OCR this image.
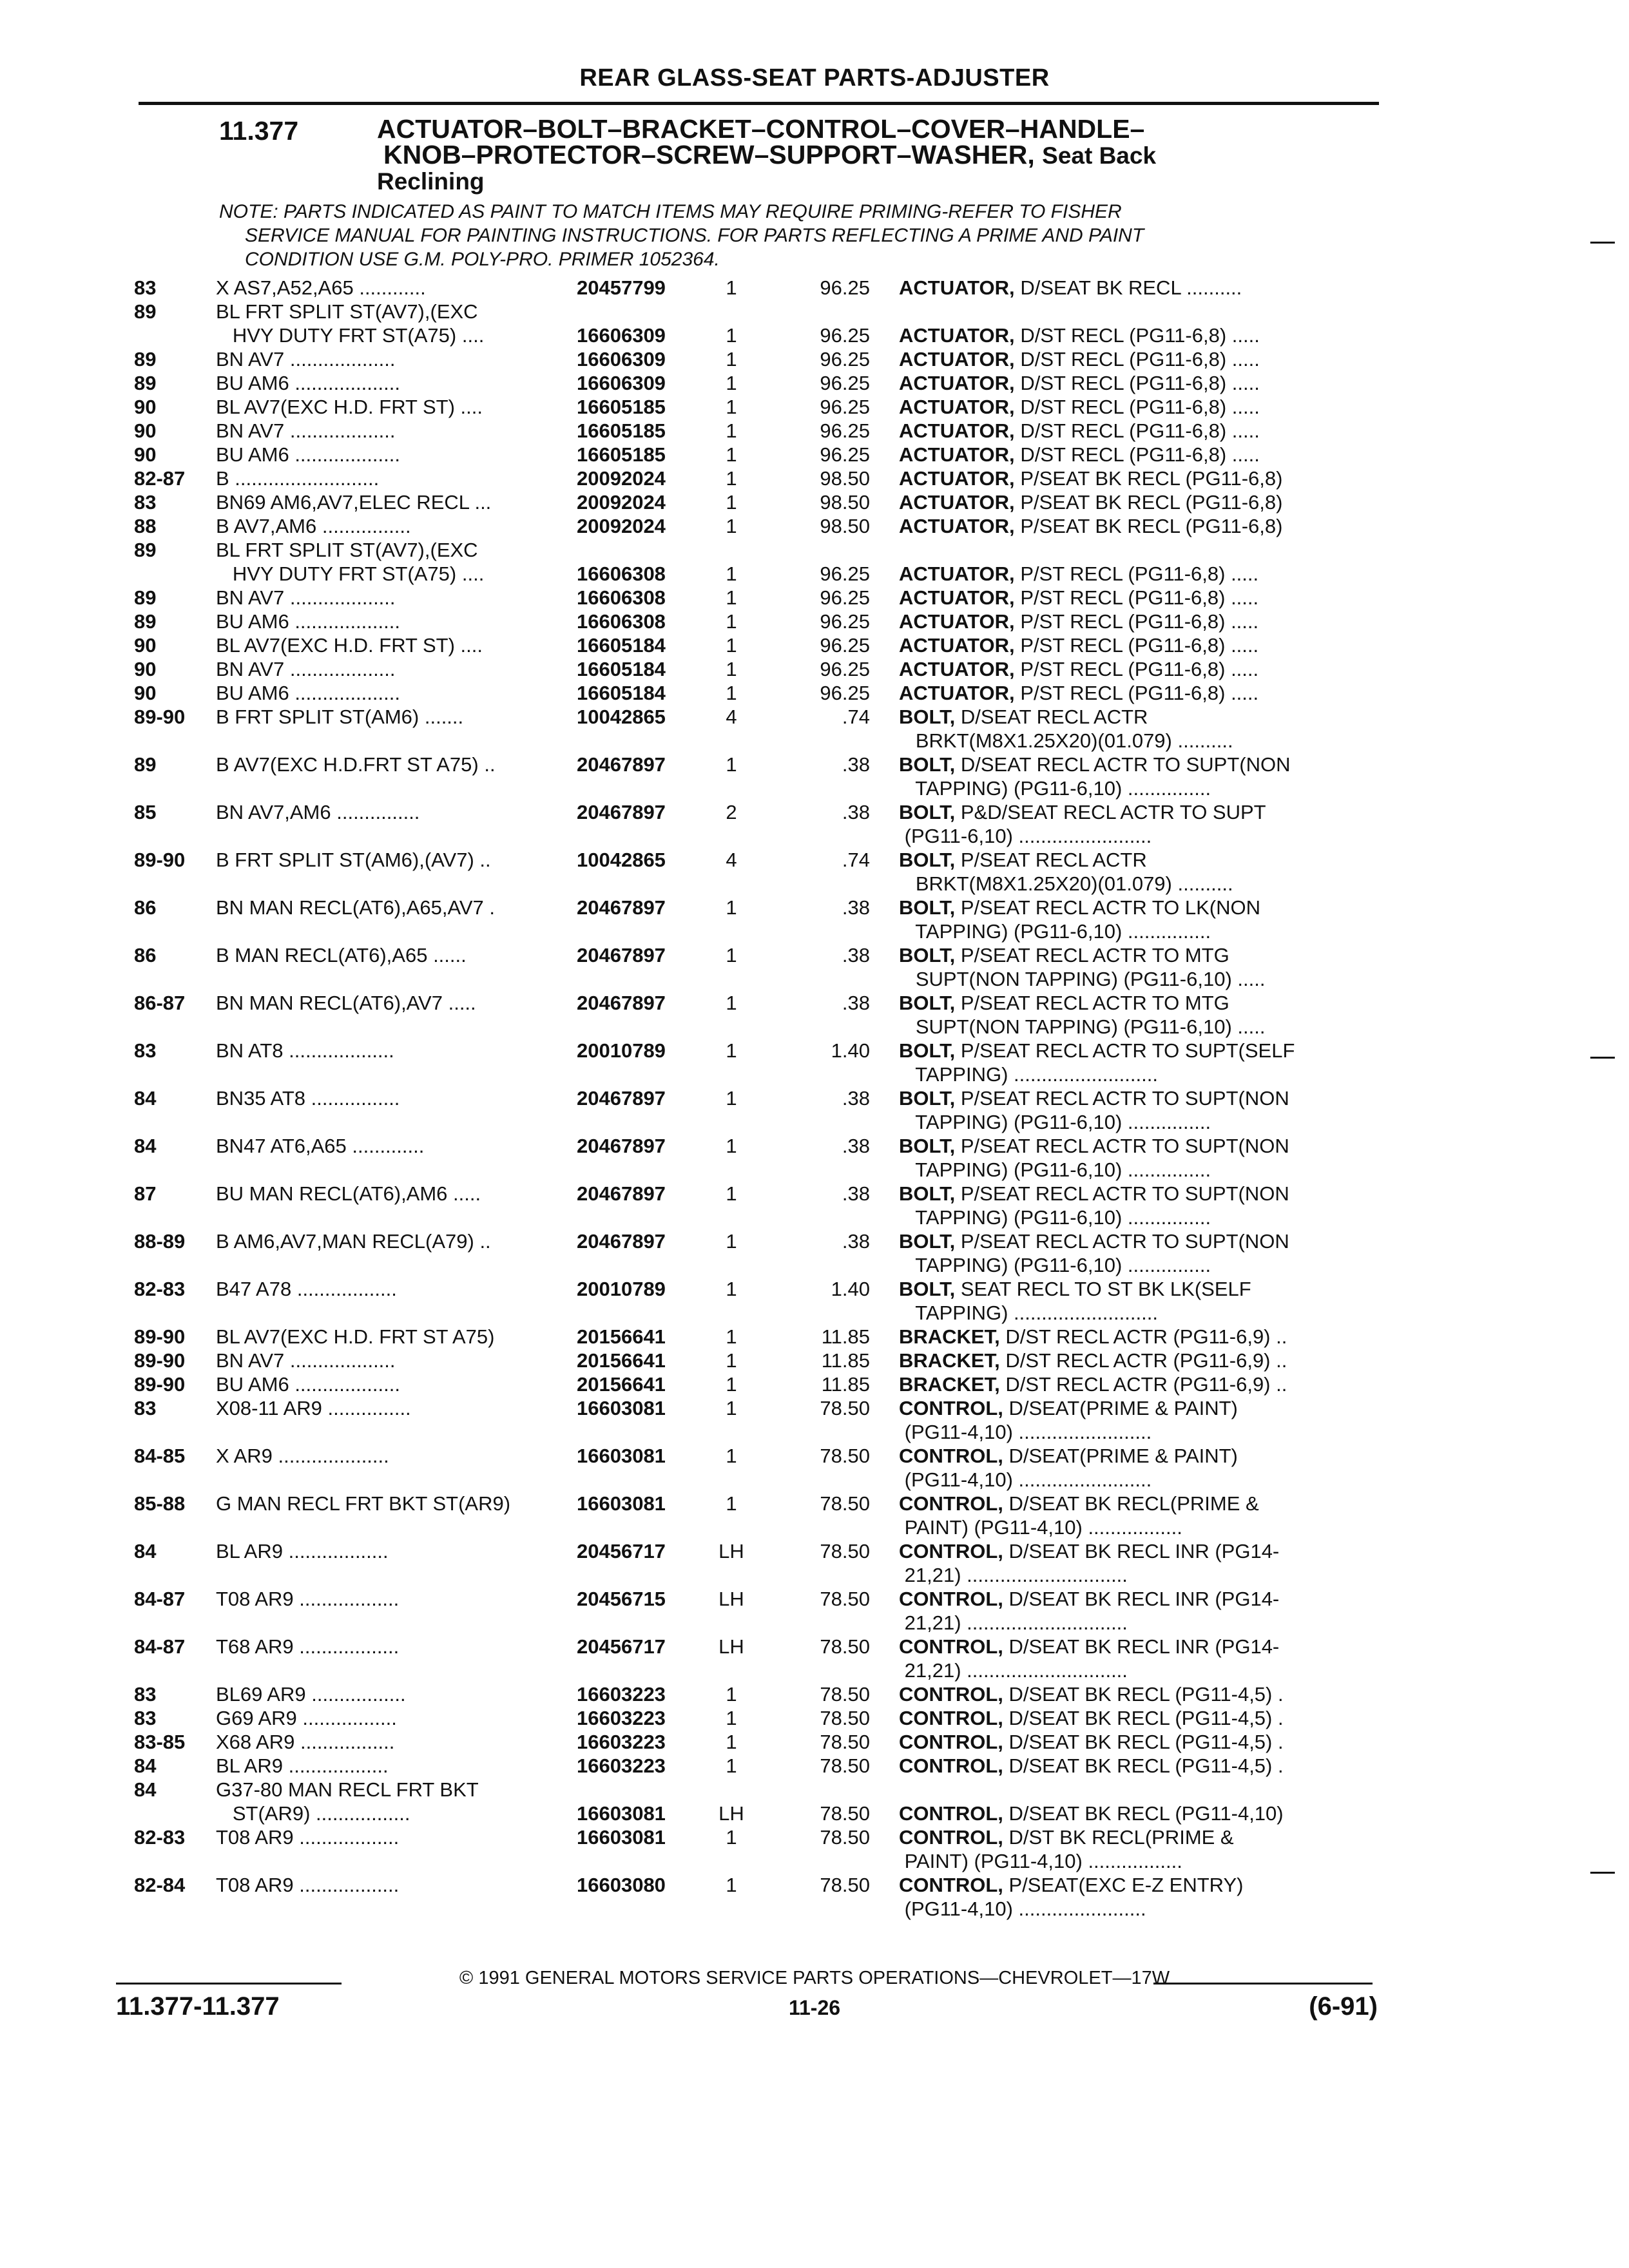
REAR GLASS-SEAT PARTS-ADJUSTER
11.377	ACTUATOR–BOLT–BRACKET–CONTROL–COVER–HANDLE–
KNOB–PROTECTOR–SCREW–SUPPORT–WASHER, Seat Back
Reclining
NOTE: PARTS INDICATED AS PAINT TO MATCH ITEMS MAY REQUIRE PRIMING-REFER TO FISHER
SERVICE MANUAL FOR PAINTING INSTRUCTIONS. FOR PARTS REFLECTING A PRIME AND PAINT
CONDITION USE G.M. POLY-PRO. PRIMER 1052364.
83	X AS7,A52,A65 ............	20457799	1	96.25 ACTUATOR, D/SEAT BK RECL ..........
89	BL FRT SPLIT ST(AV7),(EXC

HVY DUTY FRT ST(A75) ....	16606309	1	96.25 ACTUATOR, D/ST RECL (PG11-6,8) .....
89	BN AV7 ...................	16606309	1	96.25 ACTUATOR, D/ST RECL (PG11-6,8) .....
89	BU AM6 ...................	16606309	1	96.25 ACTUATOR, D/ST RECL (PG11-6,8) .....
90	BL AV7(EXC H.D. FRT ST) ....	16605185	1	96.25 ACTUATOR, D/ST RECL (PG11-6,8) .....
90	BN AV7 ...................	16605185	1	96.25 ACTUATOR, D/ST RECL (PG11-6,8) .....
90	BU AM6 ...................	16605185	1	96.25 ACTUATOR, D/ST RECL (PG11-6,8) .....
82-87 B ..........................	20092024	1	98.50 ACTUATOR, P/SEAT BK RECL (PG11-6,8)
83	BN69 AM6,AV7,ELEC RECL ...	20092024	1	98.50 ACTUATOR, P/SEAT BK RECL (PG11-6,8)
88	B AV7,AM6 ................	20092024	1	98.50 ACTUATOR, P/SEAT BK RECL (PG11-6,8)
89	BL FRT SPLIT ST(AV7),(EXC

HVY DUTY FRT ST(A75) ....	16606308	1	96.25 ACTUATOR, P/ST RECL (PG11-6,8) .....
89	BN AV7 ...................	16606308	1	96.25 ACTUATOR, P/ST RECL (PG11-6,8) .....
89	BU AM6 ...................	16606308	1	96.25 ACTUATOR, P/ST RECL (PG11-6,8) .....
90	BL AV7(EXC H.D. FRT ST) ....	16605184	1	96.25 ACTUATOR, P/ST RECL (PG11-6,8) .....
90	BN AV7 ...................	16605184	1	96.25 ACTUATOR, P/ST RECL (PG11-6,8) .....
90	BU AM6 ...................	16605184	1	96.25 ACTUATOR, P/ST RECL (PG11-6,8) .....
89-90 B FRT SPLIT ST(AM6) .......	10042865	4	.74 BOLT, D/SEAT RECL ACTR
BRKT(M8X1.25X20)(01.079) ..........
89	B AV7(EXC H.D.FRT ST A75) ..	20467897	1	.38 BOLT, D/SEAT RECL ACTR TO SUPT(NON
TAPPING) (PG11-6,10) ...............
85	BN AV7,AM6 ...............	20467897	2	.38 BOLT, P&D/SEAT RECL ACTR TO SUPT
(PG11-6,10) ........................
89-90 B FRT SPLIT ST(AM6),(AV7) ..	10042865	4	.74 BOLT, P/SEAT RECL ACTR
BRKT(M8X1.25X20)(01.079) ..........
86	BN MAN RECL(AT6),A65,AV7 .	20467897	1	.38 BOLT, P/SEAT RECL ACTR TO LK(NON
TAPPING) (PG11-6,10) ...............
86	B MAN RECL(AT6),A65 ......	20467897	1	.38 BOLT, P/SEAT RECL ACTR TO MTG
SUPT(NON TAPPING) (PG11-6,10) .....
86-87 BN MAN RECL(AT6),AV7 .....	20467897	1	.38 BOLT, P/SEAT RECL ACTR TO MTG
SUPT(NON TAPPING) (PG11-6,10) .....
83	BN AT8 ...................	20010789	1	1.40 BOLT, P/SEAT RECL ACTR TO SUPT(SELF
TAPPING) ..........................
84	BN35 AT8 ................	20467897	1	.38 BOLT, P/SEAT RECL ACTR TO SUPT(NON
TAPPING) (PG11-6,10) ...............
84	BN47 AT6,A65 .............	20467897	1	.38 BOLT, P/SEAT RECL ACTR TO SUPT(NON
TAPPING) (PG11-6,10) ...............
87	BU MAN RECL(AT6),AM6 .....	20467897	1	.38 BOLT, P/SEAT RECL ACTR TO SUPT(NON
TAPPING) (PG11-6,10) ...............
88-89 B AM6,AV7,MAN RECL(A79) ..	20467897	1	.38 BOLT, P/SEAT RECL ACTR TO SUPT(NON
TAPPING) (PG11-6,10) ...............
82-83 B47 A78 ..................	20010789	1	1.40 BOLT, SEAT RECL TO ST BK LK(SELF
TAPPING) ..........................
89-90 BL AV7(EXC H.D. FRT ST A75)	20156641	1	11.85 BRACKET, D/ST RECL ACTR (PG11-6,9) ..
89-90 BN AV7 ...................	20156641	1	11.85 BRACKET, D/ST RECL ACTR (PG11-6,9) ..
89-90 BU AM6 ...................	20156641	1	11.85 BRACKET, D/ST RECL ACTR (PG11-6,9) ..
83	X08-11 AR9 ...............	16603081	1	78.50 CONTROL, D/SEAT(PRIME & PAINT)
(PG11-4,10) ........................
84-85 X AR9 ....................	16603081	1	78.50 CONTROL, D/SEAT(PRIME & PAINT)
(PG11-4,10) ........................
85-88 G MAN RECL FRT BKT ST(AR9)	16603081	1	78.50 CONTROL, D/SEAT BK RECL(PRIME &
PAINT) (PG11-4,10) .................
84	BL AR9 ..................	20456717	LH	78.50 CONTROL, D/SEAT BK RECL INR (PG14-
21,21) .............................
84-87 T08 AR9 ..................	20456715	LH	78.50 CONTROL, D/SEAT BK RECL INR (PG14-
21,21) .............................
84-87 T68 AR9 ..................	20456717	LH	78.50 CONTROL, D/SEAT BK RECL INR (PG14-
21,21) .............................
83	BL69 AR9 .................	16603223	1	78.50 CONTROL, D/SEAT BK RECL (PG11-4,5) .
83	G69 AR9 .................	16603223	1	78.50 CONTROL, D/SEAT BK RECL (PG11-4,5) .
83-85 X68 AR9 .................	16603223	1	78.50 CONTROL, D/SEAT BK RECL (PG11-4,5) .
84	BL AR9 ..................	16603223	1	78.50 CONTROL, D/SEAT BK RECL (PG11-4,5) .
84	G37-80 MAN RECL FRT BKT

ST(AR9) .................	16603081	LH	78.50 CONTROL, D/SEAT BK RECL (PG11-4,10)
82-83 T08 AR9 ..................	16603081	1	78.50 CONTROL, D/ST BK RECL(PRIME &
PAINT) (PG11-4,10) .................
82-84 T08 AR9 ..................	16603080	1	78.50 CONTROL, P/SEAT(EXC E-Z ENTRY)
(PG11-4,10) .......................
© 1991 GENERAL MOTORS SERVICE PARTS OPERATIONS—CHEVROLET—17W
11.377-11.377	11-26	(6-91)
